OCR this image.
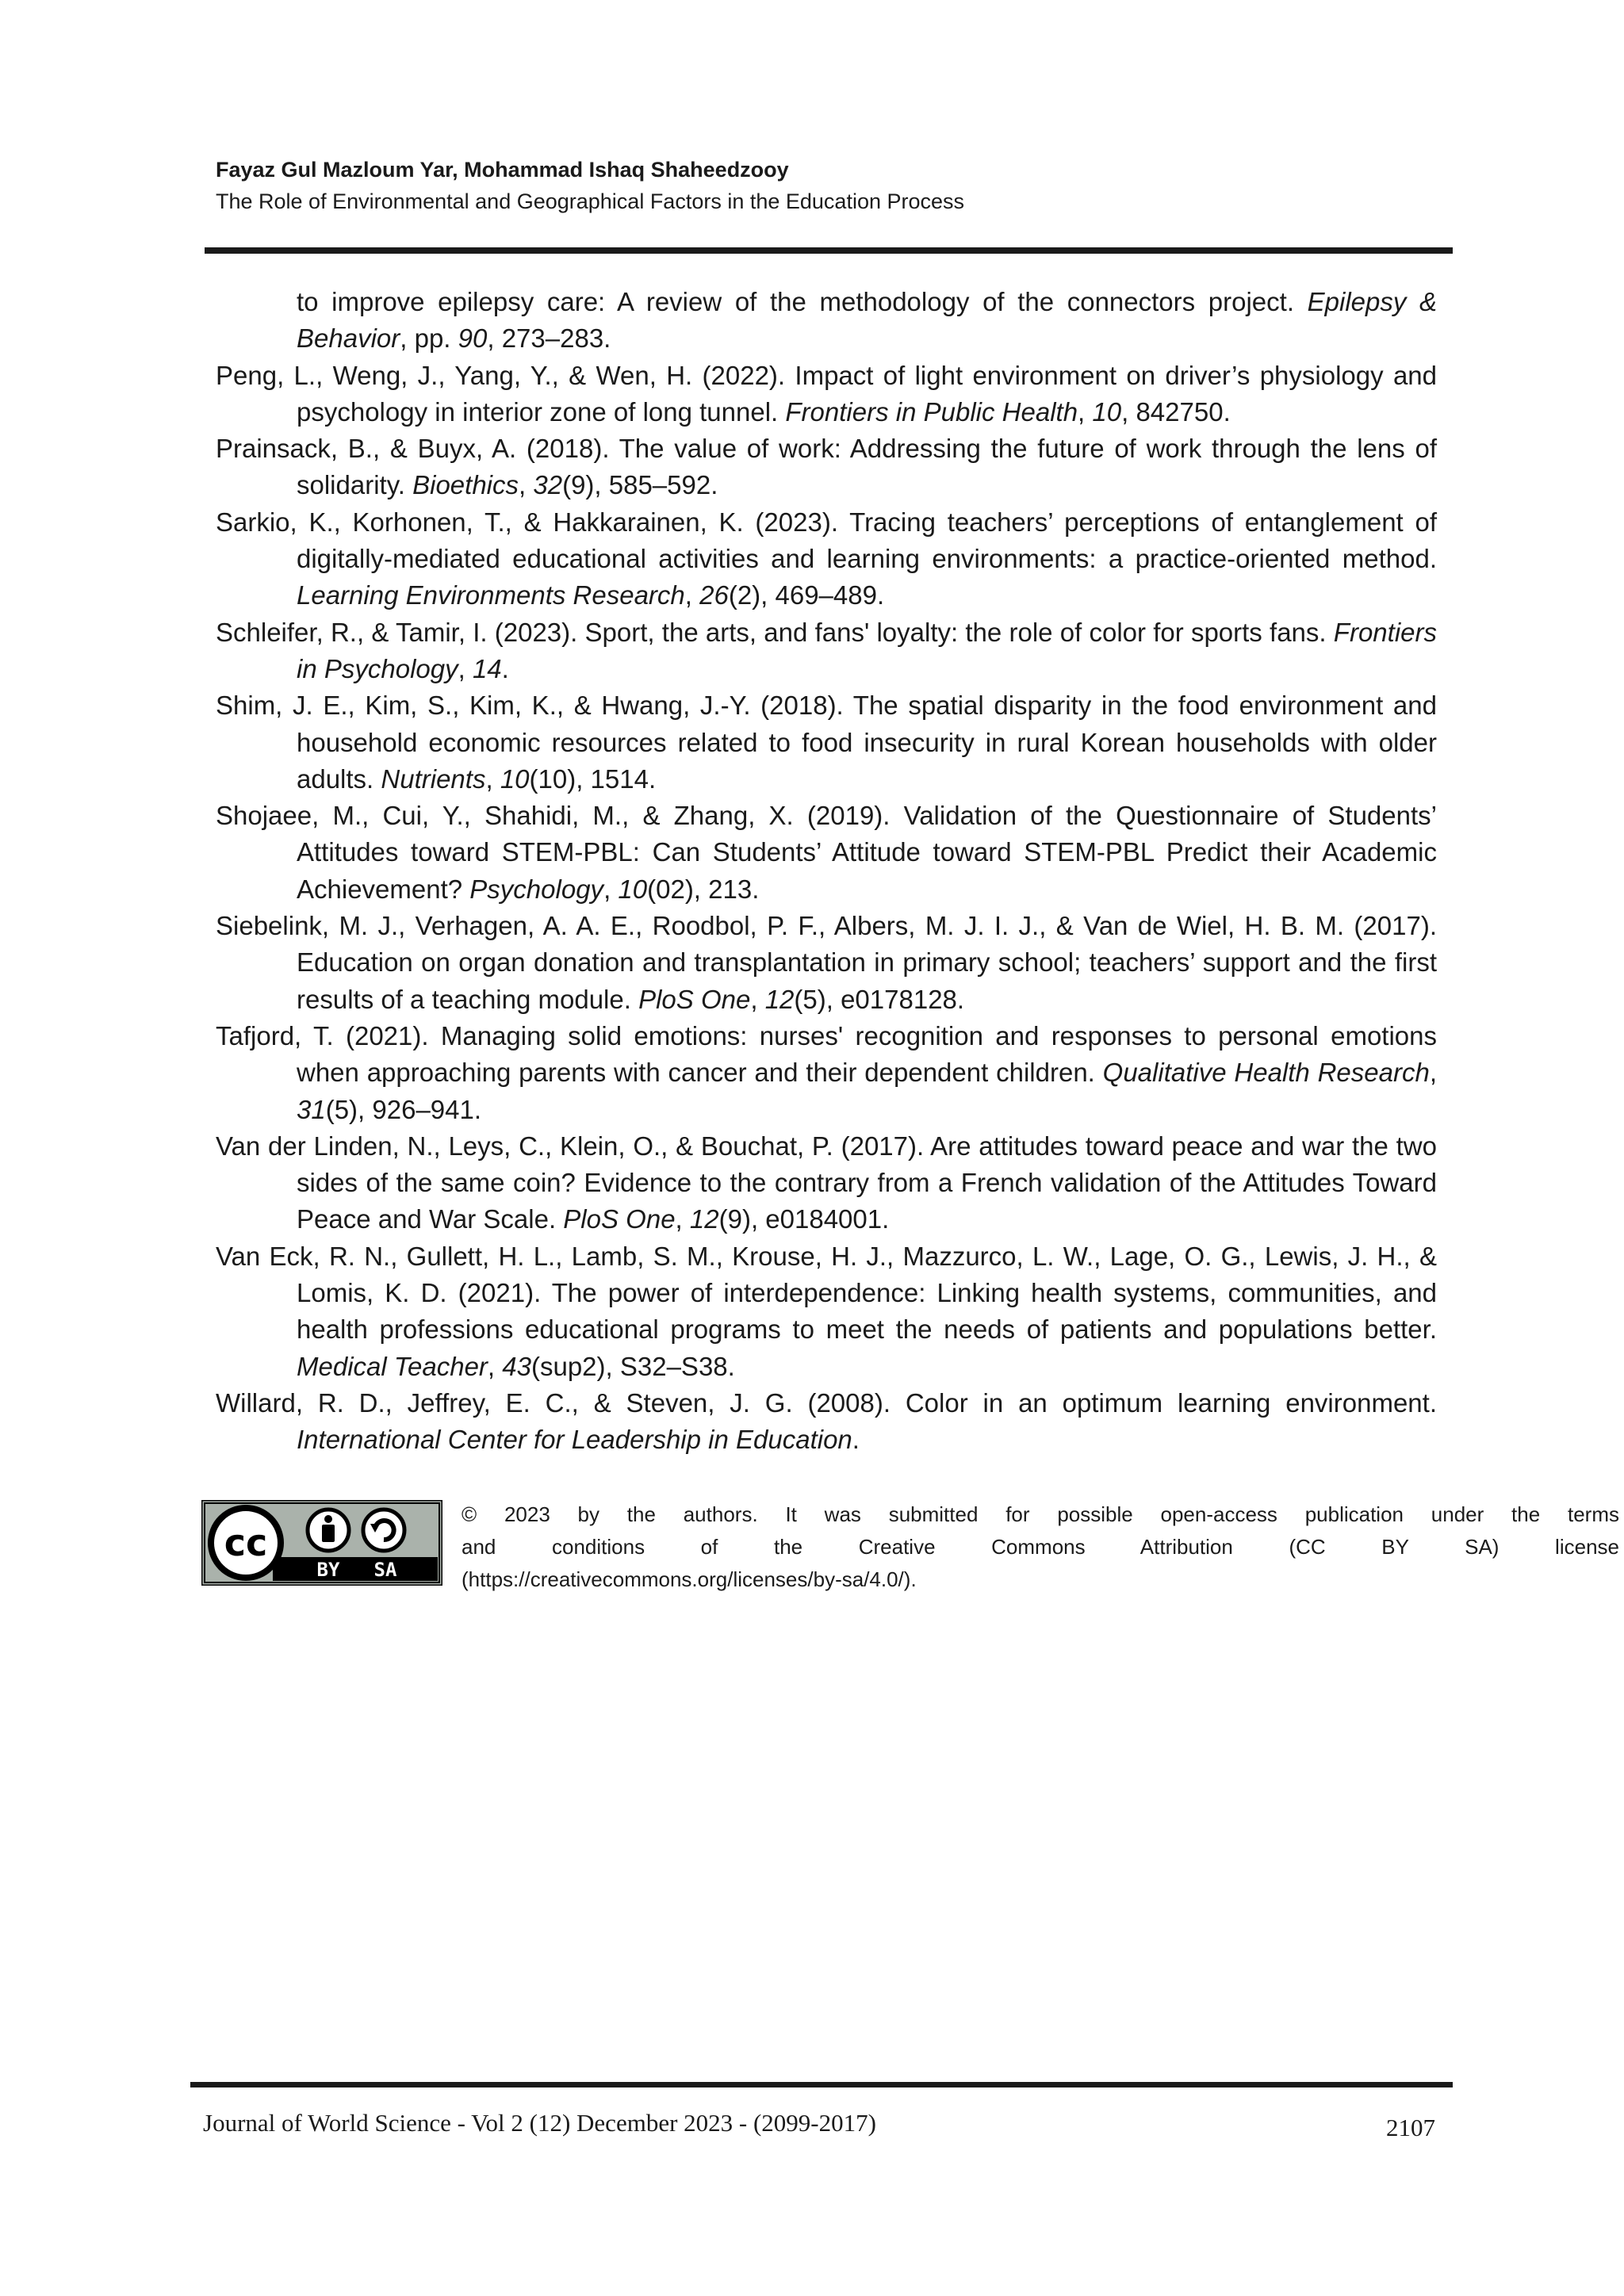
Fayaz Gul Mazloum Yar, Mohammad Ishaq Shaheedzooy
The Role of Environmental and Geographical Factors in the Education Process
to improve epilepsy care: A review of the methodology of the connectors project. Epilepsy & Behavior, pp. 90, 273–283.
Peng, L., Weng, J., Yang, Y., & Wen, H. (2022). Impact of light environment on driver’s physiology and psychology in interior zone of long tunnel. Frontiers in Public Health, 10, 842750.
Prainsack, B., & Buyx, A. (2018). The value of work: Addressing the future of work through the lens of solidarity. Bioethics, 32(9), 585–592.
Sarkio, K., Korhonen, T., & Hakkarainen, K. (2023). Tracing teachers’ perceptions of entanglement of digitally-mediated educational activities and learning environments: a practice-oriented method. Learning Environments Research, 26(2), 469–489.
Schleifer, R., & Tamir, I. (2023). Sport, the arts, and fans' loyalty: the role of color for sports fans. Frontiers in Psychology, 14.
Shim, J. E., Kim, S., Kim, K., & Hwang, J.-Y. (2018). The spatial disparity in the food environment and household economic resources related to food insecurity in rural Korean households with older adults. Nutrients, 10(10), 1514.
Shojaee, M., Cui, Y., Shahidi, M., & Zhang, X. (2019). Validation of the Questionnaire of Students’ Attitudes toward STEM-PBL: Can Students’ Attitude toward STEM-PBL Predict their Academic Achievement? Psychology, 10(02), 213.
Siebelink, M. J., Verhagen, A. A. E., Roodbol, P. F., Albers, M. J. I. J., & Van de Wiel, H. B. M. (2017). Education on organ donation and transplantation in primary school; teachers’ support and the first results of a teaching module. PloS One, 12(5), e0178128.
Tafjord, T. (2021). Managing solid emotions: nurses' recognition and responses to personal emotions when approaching parents with cancer and their dependent children. Qualitative Health Research, 31(5), 926–941.
Van der Linden, N., Leys, C., Klein, O., & Bouchat, P. (2017). Are attitudes toward peace and war the two sides of the same coin? Evidence to the contrary from a French validation of the Attitudes Toward Peace and War Scale. PloS One, 12(9), e0184001.
Van Eck, R. N., Gullett, H. L., Lamb, S. M., Krouse, H. J., Mazzurco, L. W., Lage, O. G., Lewis, J. H., & Lomis, K. D. (2021). The power of interdependence: Linking health systems, communities, and health professions educational programs to meet the needs of patients and populations better. Medical Teacher, 43(sup2), S32–S38.
Willard, R. D., Jeffrey, E. C., & Steven, J. G. (2008). Color in an optimum learning environment. International Center for Leadership in Education.
cc
BY SA
© 2023 by the authors. It was submitted for possible open-access publication under the terms
and conditions of the Creative Commons Attribution (CC BY SA) license
(https://creativecommons.org/licenses/by-sa/4.0/).
Journal of World Science - Vol 2 (12) December 2023 - (2099-2017)	2107
